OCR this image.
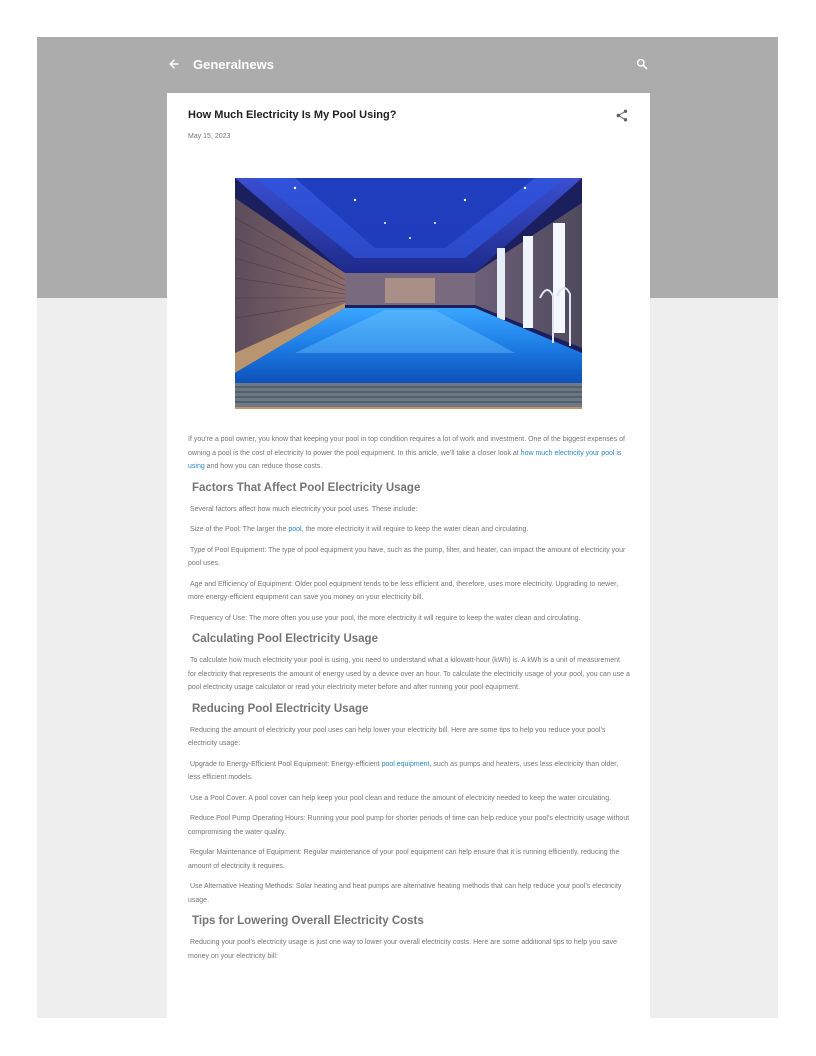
Generalnews
How Much Electricity Is My Pool Using?
May 15, 2023

If you’re a pool owner, you know that keeping your pool in top condition requires a lot of work and investment. One of the biggest expenses of owning a pool is the cost of electricity to power the pool equipment. In this article, we’ll take a closer look at how much electricity your pool is using and how you can reduce those costs.

Factors That Affect Pool Electricity Usage

Several factors affect how much electricity your pool uses. These include:

Size of the Pool: The larger the pool, the more electricity it will require to keep the water clean and circulating.

Type of Pool Equipment: The type of pool equipment you have, such as the pump, filter, and heater, can impact the amount of electricity your pool uses.

Age and Efficiency of Equipment: Older pool equipment tends to be less efficient and, therefore, uses more electricity. Upgrading to newer, more energy-efficient equipment can save you money on your electricity bill.

Frequency of Use: The more often you use your pool, the more electricity it will require to keep the water clean and circulating.

Calculating Pool Electricity Usage

To calculate how much electricity your pool is using, you need to understand what a kilowatt-hour (kWh) is. A kWh is a unit of measurement for electricity that represents the amount of energy used by a device over an hour. To calculate the electricity usage of your pool, you can use a pool electricity usage calculator or read your electricity meter before and after running your pool equipment.

Reducing Pool Electricity Usage

Reducing the amount of electricity your pool uses can help lower your electricity bill. Here are some tips to help you reduce your pool’s electricity usage:

Upgrade to Energy-Efficient Pool Equipment: Energy-efficient pool equipment, such as pumps and heaters, uses less electricity than older, less efficient models.

Use a Pool Cover: A pool cover can help keep your pool clean and reduce the amount of electricity needed to keep the water circulating.

Reduce Pool Pump Operating Hours: Running your pool pump for shorter periods of time can help reduce your pool’s electricity usage without compromising the water quality.

Regular Maintenance of Equipment: Regular maintenance of your pool equipment can help ensure that it is running efficiently, reducing the amount of electricity it requires.

Use Alternative Heating Methods: Solar heating and heat pumps are alternative heating methods that can help reduce your pool’s electricity usage.

Tips for Lowering Overall Electricity Costs

Reducing your pool’s electricity usage is just one way to lower your overall electricity costs. Here are some additional tips to help you save money on your electricity bill:
